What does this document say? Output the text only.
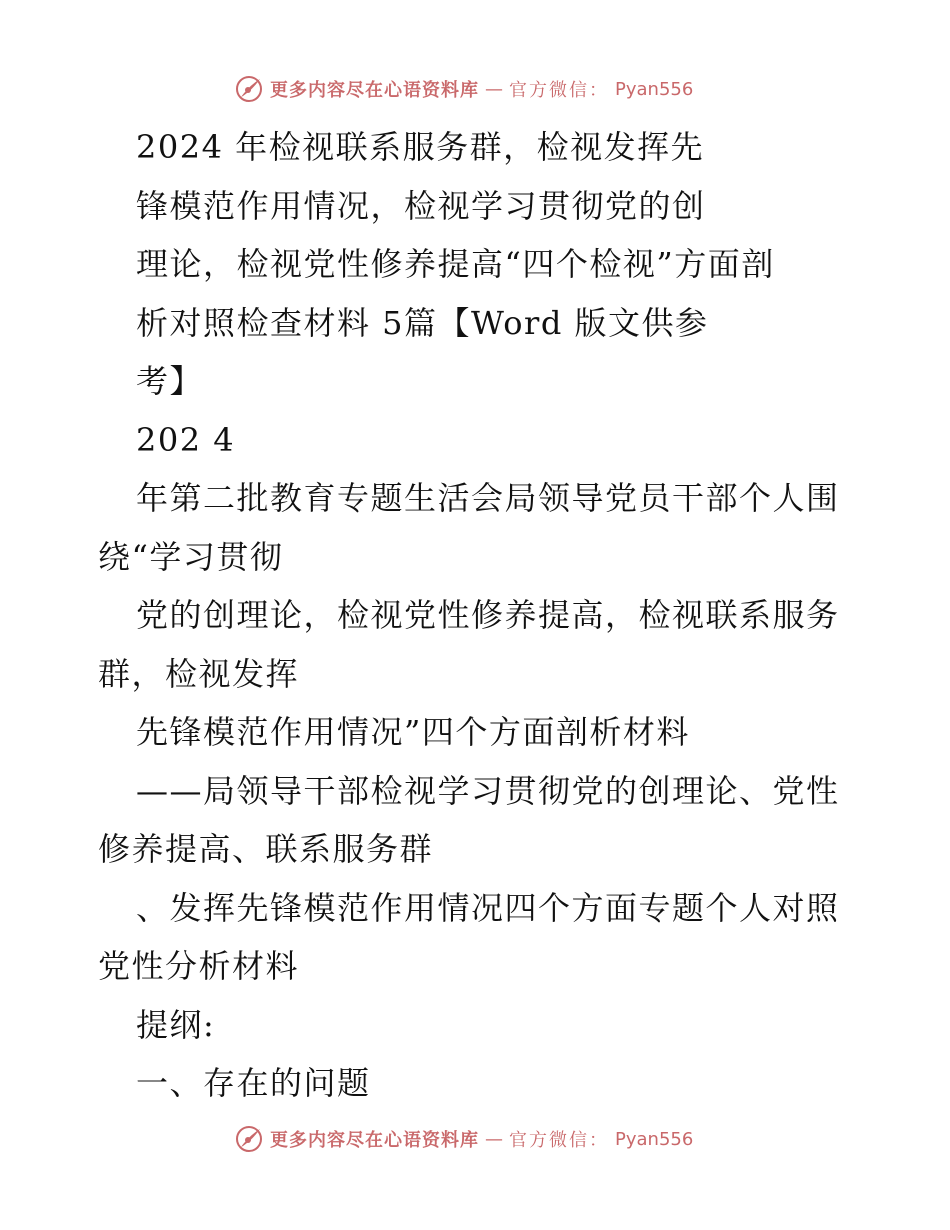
更多内容尽在心语资料库 — 官方微信： Pyan556
2024 年检视联系服务群，检视发挥先
锋模范作用情况，检视学习贯彻党的创
理论，检视党性修养提高“四个检视”方面剖
析对照检查材料 5篇【Word 版文供参
考】
202 4
年第二批教育专题生活会局领导党员干部个人围
绕“学习贯彻
党的创理论，检视党性修养提高，检视联系服务
群，检视发挥
先锋模范作用情况”四个方面剖析材料
——局领导干部检视学习贯彻党的创理论、党性
修养提高、联系服务群
、发挥先锋模范作用情况四个方面专题个人对照
党性分析材料
提纲:
一、存在的问题
更多内容尽在心语资料库 — 官方微信： Pyan556
